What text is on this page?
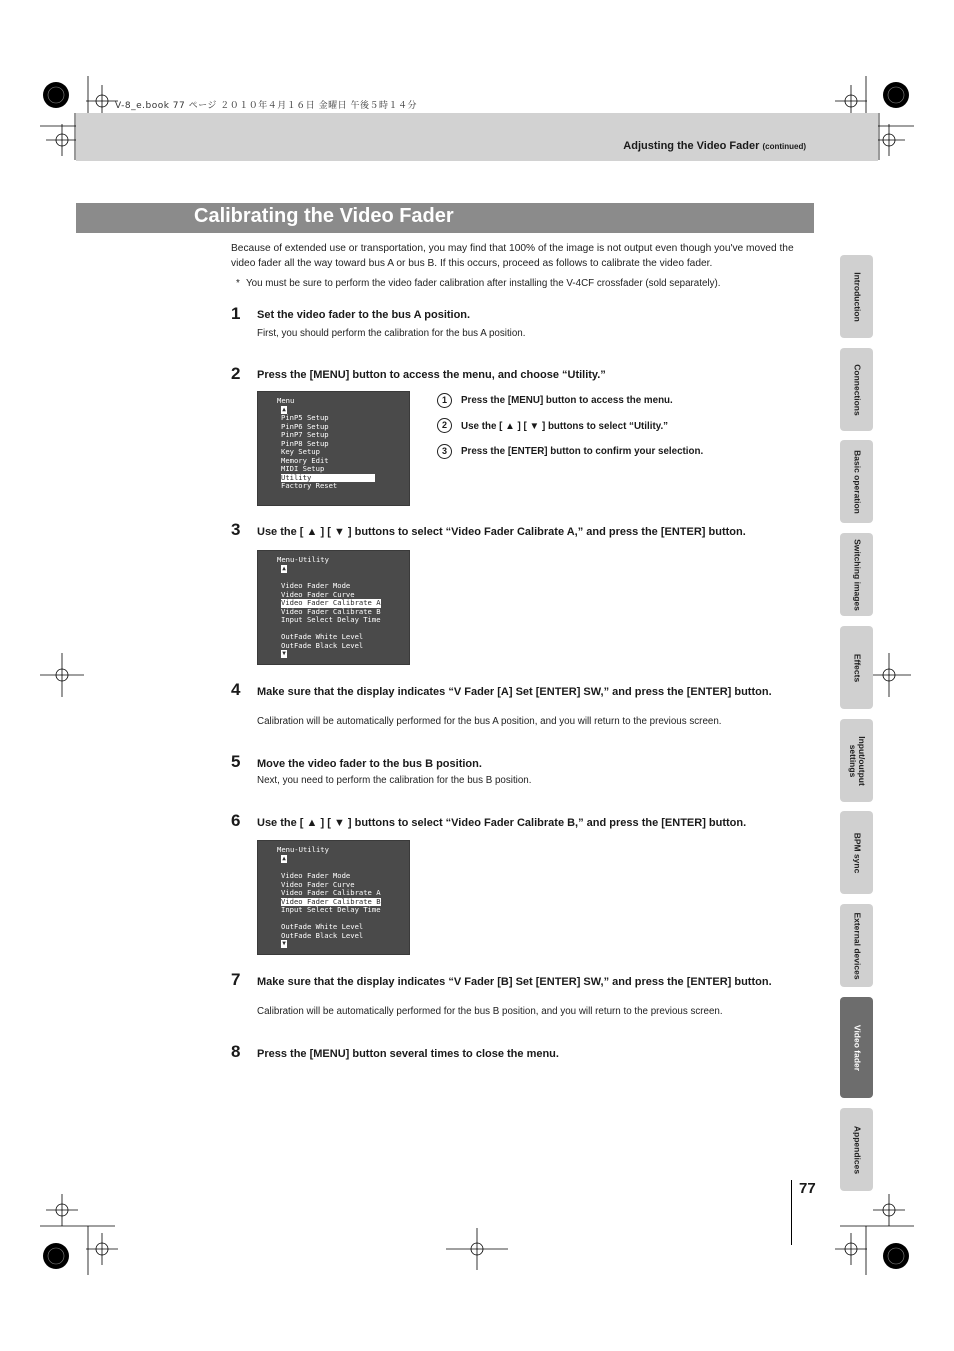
V-8_e.book 77 ページ ２０１０年４月１６日 金曜日 午後５時１４分
Adjusting the Video Fader (continued)
Calibrating the Video Fader
Because of extended use or transportation, you may find that 100% of the image is not output even though you've moved the video fader all the way toward bus A or bus B. If this occurs, proceed as follows to calibrate the video fader.
* You must be sure to perform the video fader calibration after installing the V-4CF crossfader (sold separately).
1 Set the video fader to the bus A position.
First, you should perform the calibration for the bus A position.
2 Press the [MENU] button to access the menu, and choose “Utility.”
Menu
▲
PinP5 Setup
PinP6 Setup
PinP7 Setup
PinP8 Setup
Key Setup
Memory Edit
MIDI Setup
Utility
Factory Reset
1	Press the [MENU] button to access the menu.
2	Use the [ ▲ ] [ ▼ ] buttons to select “Utility.”
3	Press the [ENTER] button to confirm your selection.
3 Use the [ ▲ ] [ ▼ ] buttons to select “Video Fader Calibrate A,” and press the [ENTER] button.
Menu-Utility
▲
Video Fader Mode
Video Fader Curve
Video Fader Calibrate A
Video Fader Calibrate B
Input Select Delay Time
OutFade White Level
OutFade Black Level
▼
4 Make sure that the display indicates “V Fader [A] Set [ENTER] SW,” and press the [ENTER] button.
Calibration will be automatically performed for the bus A position, and you will return to the previous screen.
5 Move the video fader to the bus B position.
Next, you need to perform the calibration for the bus B position.
6 Use the [ ▲ ] [ ▼ ] buttons to select “Video Fader Calibrate B,” and press the [ENTER] button.
Menu-Utility
▲
Video Fader Mode
Video Fader Curve
Video Fader Calibrate A
Video Fader Calibrate B
Input Select Delay Time
OutFade White Level
OutFade Black Level
▼
7 Make sure that the display indicates “V Fader [B] Set [ENTER] SW,” and press the [ENTER] button.
Calibration will be automatically performed for the bus B position, and you will return to the previous screen.
8 Press the [MENU] button several times to close the menu.
Introduction
Connections
Basic operation
Switching images
Effects
Input/output settings
BPM sync
External devices
Video fader
Appendices
77
